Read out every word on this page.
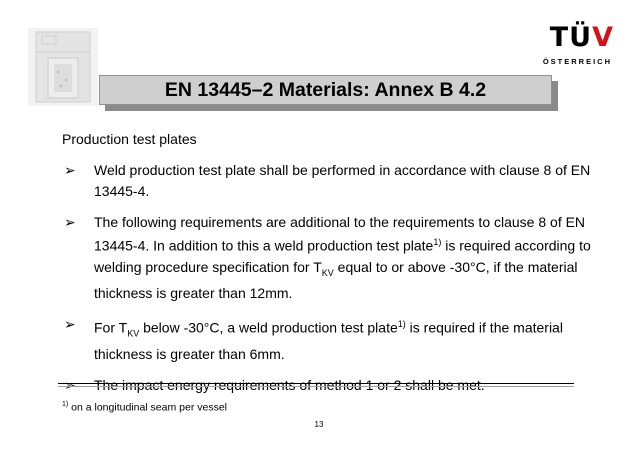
TÜV
ÖSTERREICH
EN 13445–2 Materials: Annex B 4.2
Production test plates
➢ Weld production test plate shall be performed in accordance with clause 8 of EN 13445-4.
➢ The following requirements are additional to the requirements to clause 8 of EN 13445-4. In addition to this a weld production test plate$^{1)}$ is required according to welding procedure specification for $T_{KV}$ equal to or above -30°C, if the material thickness is greater than 12mm.
➢ For $T_{KV}$ below -30°C, a weld production test plate$^{1)}$ is required if the material thickness is greater than 6mm.
➢ The impact energy requirements of method 1 or 2 shall be met.
$^{1)}$ on a longitudinal seam per vessel
13
